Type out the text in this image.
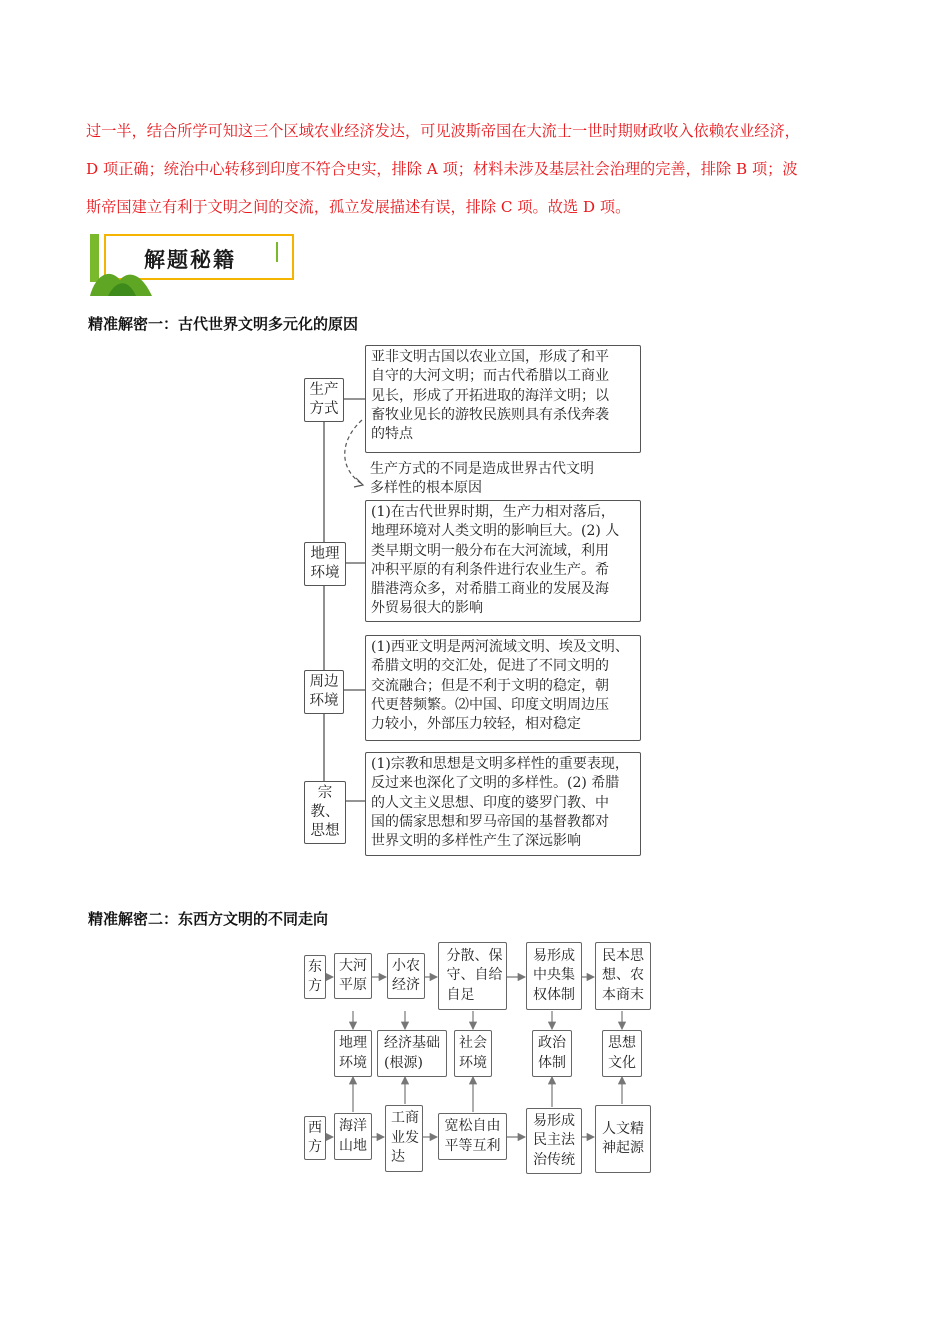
过一半，结合所学可知这三个区域农业经济发达，可见波斯帝国在大流士一世时期财政收入依赖农业经济，
D 项正确；统治中心转移到印度不符合史实，排除 A 项；材料未涉及基层社会治理的完善，排除 B 项；波
斯帝国建立有利于文明之间的交流，孤立发展描述有误，排除 C 项。故选 D 项。

解题秘籍
精准解密一：古代世界文明多元化的原因
生产
方式
地理
环境
周边
环境
宗教、
思想
亚非文明古国以农业立国，形成了和平
自守的大河文明；而古代希腊以工商业
见长，形成了开拓进取的海洋文明；以
畜牧业见长的游牧民族则具有杀伐奔袭
的特点
生产方式的不同是造成世界古代文明
多样性的根本原因
(1)在古代世界时期，生产力相对落后，
地理环境对人类文明的影响巨大。(2) 人
类早期文明一般分布在大河流域，利用
冲积平原的有利条件进行农业生产。希
腊港湾众多，对希腊工商业的发展及海
外贸易很大的影响
(1)西亚文明是两河流域文明、埃及文明、
希腊文明的交汇处，促进了不同文明的
交流融合；但是不利于文明的稳定，朝
代更替频繁。⑵中国、印度文明周边压
力较小，外部压力较轻，相对稳定
(1)宗教和思想是文明多样性的重要表现，
反过来也深化了文明的多样性。(2) 希腊
的人文主义思想、印度的婆罗门教、中
国的儒家思想和罗马帝国的基督教都对
世界文明的多样性产生了深远影响
精准解密二：东西方文明的不同走向
东
方
大河
平原
小农
经济
分散、保
守、自给
自足
易形成
中央集
权体制
民本思
想、农
本商末
地理
环境
经济基础
(根源)
社会
环境
政治
体制
思想
文化
西
方
海洋
山地
工商
业发
达
宽松自由
平等互利
易形成
民主法
治传统
人文精
神起源
